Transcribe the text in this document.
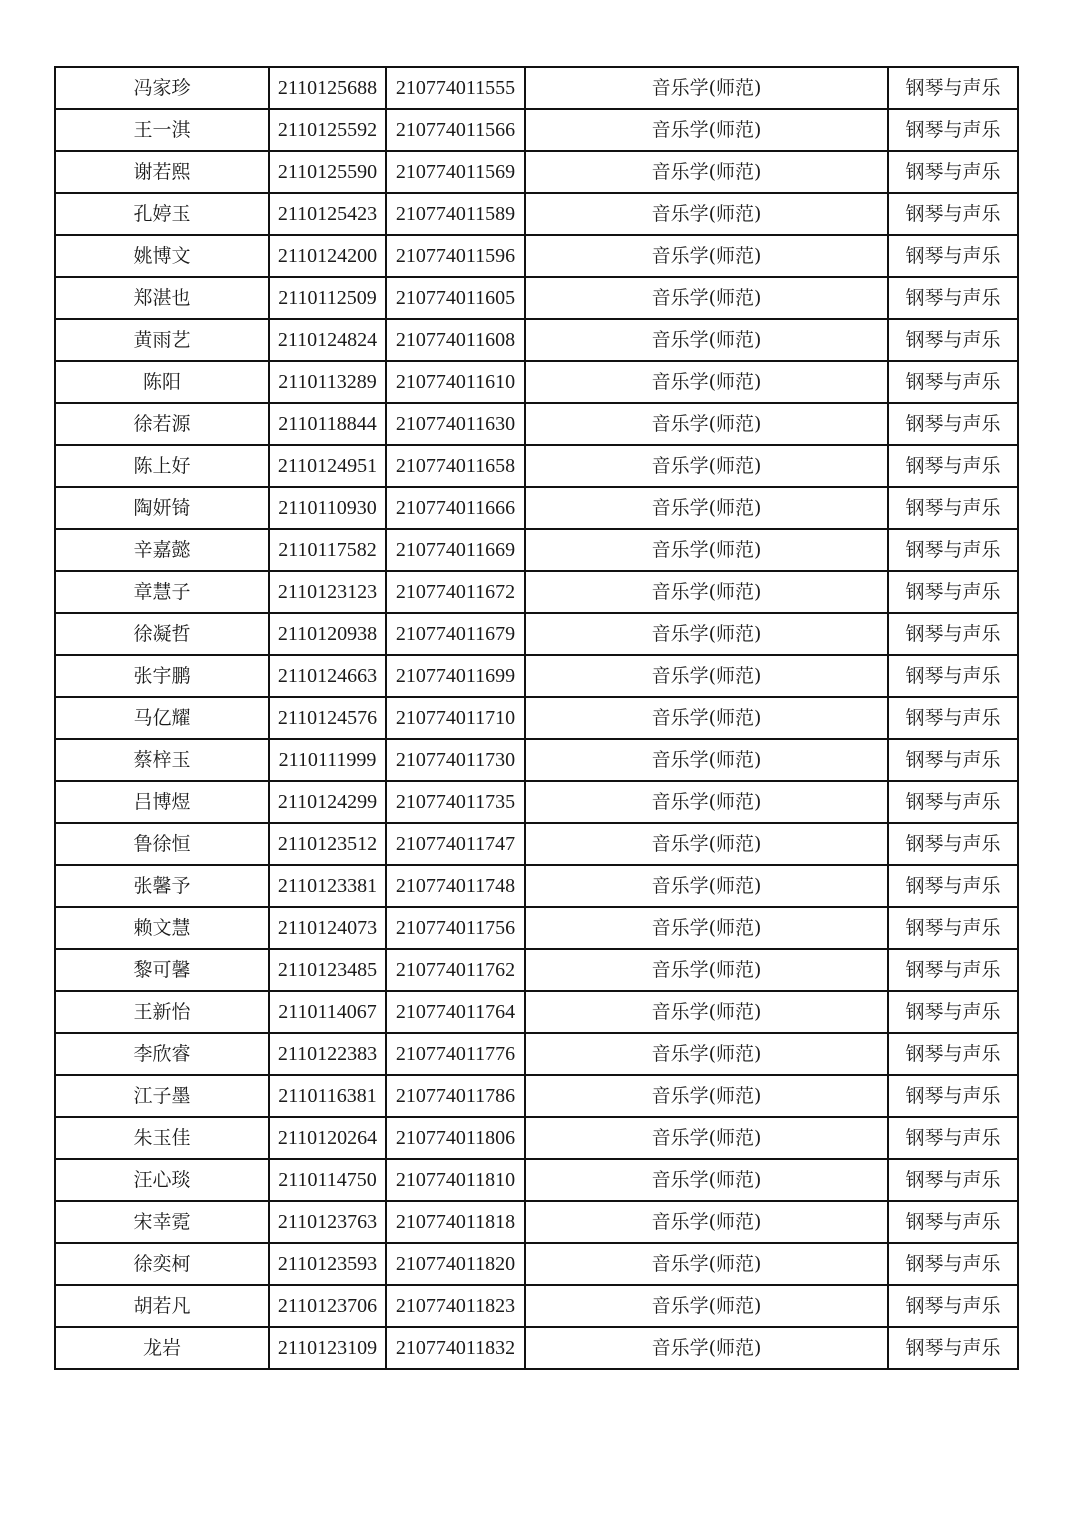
冯家珍	2110125688	210774011555	音乐学(师范)	钢琴与声乐
王一淇	2110125592	210774011566	音乐学(师范)	钢琴与声乐
谢若熙	2110125590	210774011569	音乐学(师范)	钢琴与声乐
孔婷玉	2110125423	210774011589	音乐学(师范)	钢琴与声乐
姚博文	2110124200	210774011596	音乐学(师范)	钢琴与声乐
郑湛也	2110112509	210774011605	音乐学(师范)	钢琴与声乐
黄雨艺	2110124824	210774011608	音乐学(师范)	钢琴与声乐
陈阳	2110113289	210774011610	音乐学(师范)	钢琴与声乐
徐若源	2110118844	210774011630	音乐学(师范)	钢琴与声乐
陈上好	2110124951	210774011658	音乐学(师范)	钢琴与声乐
陶妍锜	2110110930	210774011666	音乐学(师范)	钢琴与声乐
辛嘉懿	2110117582	210774011669	音乐学(师范)	钢琴与声乐
章慧子	2110123123	210774011672	音乐学(师范)	钢琴与声乐
徐凝哲	2110120938	210774011679	音乐学(师范)	钢琴与声乐
张宇鹏	2110124663	210774011699	音乐学(师范)	钢琴与声乐
马亿耀	2110124576	210774011710	音乐学(师范)	钢琴与声乐
蔡梓玉	2110111999	210774011730	音乐学(师范)	钢琴与声乐
吕博煜	2110124299	210774011735	音乐学(师范)	钢琴与声乐
鲁徐恒	2110123512	210774011747	音乐学(师范)	钢琴与声乐
张馨予	2110123381	210774011748	音乐学(师范)	钢琴与声乐
赖文慧	2110124073	210774011756	音乐学(师范)	钢琴与声乐
黎可馨	2110123485	210774011762	音乐学(师范)	钢琴与声乐
王新怡	2110114067	210774011764	音乐学(师范)	钢琴与声乐
李欣睿	2110122383	210774011776	音乐学(师范)	钢琴与声乐
江子墨	2110116381	210774011786	音乐学(师范)	钢琴与声乐
朱玉佳	2110120264	210774011806	音乐学(师范)	钢琴与声乐
汪心琰	2110114750	210774011810	音乐学(师范)	钢琴与声乐
宋幸霓	2110123763	210774011818	音乐学(师范)	钢琴与声乐
徐奕柯	2110123593	210774011820	音乐学(师范)	钢琴与声乐
胡若凡	2110123706	210774011823	音乐学(师范)	钢琴与声乐
龙岩	2110123109	210774011832	音乐学(师范)	钢琴与声乐
